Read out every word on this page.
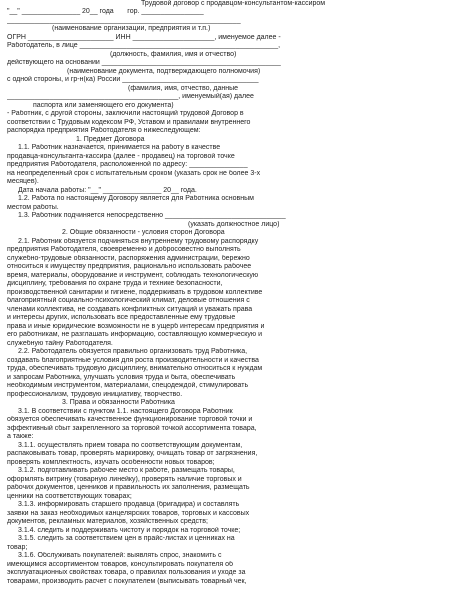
Трудовой договор с продавцом-консультантом-кассиром
"__" _______________ 20__ года       гор. ________________
____________________________________________________________
(наименование организации, предприятия и т.п.)
ОГРН ______________________ ИНН _____________________, именуемое далее -
Работодатель, в лице ___________________________________________________,
(должность, фамилия, имя и отчество)
действующего на основании ______________________________________________
(наименование документа, подтверждающего полномочия)
с одной стороны, и гр-н(ка) России ___________________________________
(фамилия, имя, отчество, данные
____________________________________________, именуемый(ая) далее
паспорта или заменяющего его документа)
- Работник, с другой стороны, заключили настоящий трудовой Договор в
соответствии с Трудовым кодексом РФ, Уставом и правилами внутреннего
распорядка предприятия Работодателя о нижеследующем:
1. Предмет Договора
1.1. Работник назначается, принимается на работу в качестве
продавца-консультанта-кассира (далее - продавец) на торговой точке
предприятия Работодателя, расположенной по адресу: _______________
на неопределенный срок с испытательным сроком (указать срок не более 3-х
месяцев).
Дата начала работы: "__" _______________ 20__ года.
1.2. Работа по настоящему Договору является для Работника основным
местом работы.
1.3. Работник подчиняется непосредственно _______________________________
(указать должностное лицо)
2. Общие обязанности - условия сторон Договора
2.1. Работник обязуется подчиняться внутреннему трудовому распорядку
предприятия Работодателя, своевременно и добросовестно выполнять
служебно-трудовые обязанности, распоряжения администрации, бережно
относиться к имуществу предприятия, рационально использовать рабочее
время, материалы, оборудование и инструмент, соблюдать технологическую
дисциплину, требования по охране труда и технике безопасности,
производственной санитарии и гигиене, поддерживать в трудовом коллективе
благоприятный социально-психологический климат, деловые отношения с
членами коллектива, не создавать конфликтных ситуаций и уважать права
и интересы других, использовать все предоставленные ему трудовые
права и иные юридические возможности не в ущерб интересам предприятия и
его работникам, не разглашать информацию, составляющую коммерческую и
служебную тайну Работодателя.
2.2. Работодатель обязуется правильно организовать труд Работника,
создавать благоприятные условия для роста производительности и качества
труда, обеспечивать трудовую дисциплину, внимательно относиться к нуждам
и запросам Работника, улучшать условия труда и быта, обеспечивать
необходимым инструментом, материалами, спецодеждой, стимулировать
профессионализм, трудовую инициативу, творчество.
3. Права и обязанности Работника
3.1. В соответствии с пунктом 1.1. настоящего Договора Работник
обязуется обеспечивать качественное функционирование торговой точки и
эффективный сбыт закрепленного за торговой точкой ассортимента товара,
а также:
3.1.1. осуществлять прием товара по соответствующим документам,
распаковывать товар, проверять маркировку, очищать товар от загрязнения,
проверять комплектность, изучать особенности новых товаров;
3.1.2. подготавливать рабочее место к работе, размещать товары,
оформлять витрину (товарную линейку), проверять наличие торговых и
рабочих документов, ценников и правильность их заполнения, размещать
ценники на соответствующих товарах;
3.1.3. информировать старшего продавца (бригадира) и составлять
заявки на заказ необходимых канцелярских товаров, торговых и кассовых
документов, рекламных материалов, хозяйственных средств;
3.1.4. следить и поддерживать чистоту и порядок на торговой точке;
3.1.5. следить за соответствием цен в прайс-листах и ценниках на
товар;
3.1.6. Обслуживать покупателей: выявлять спрос, знакомить с
имеющимся ассортиментом товаров, консультировать покупателя об
эксплуатационных свойствах товара, о правилах пользования и уходе за
товарами, производить расчет с покупателем (выписывать товарный чек,
